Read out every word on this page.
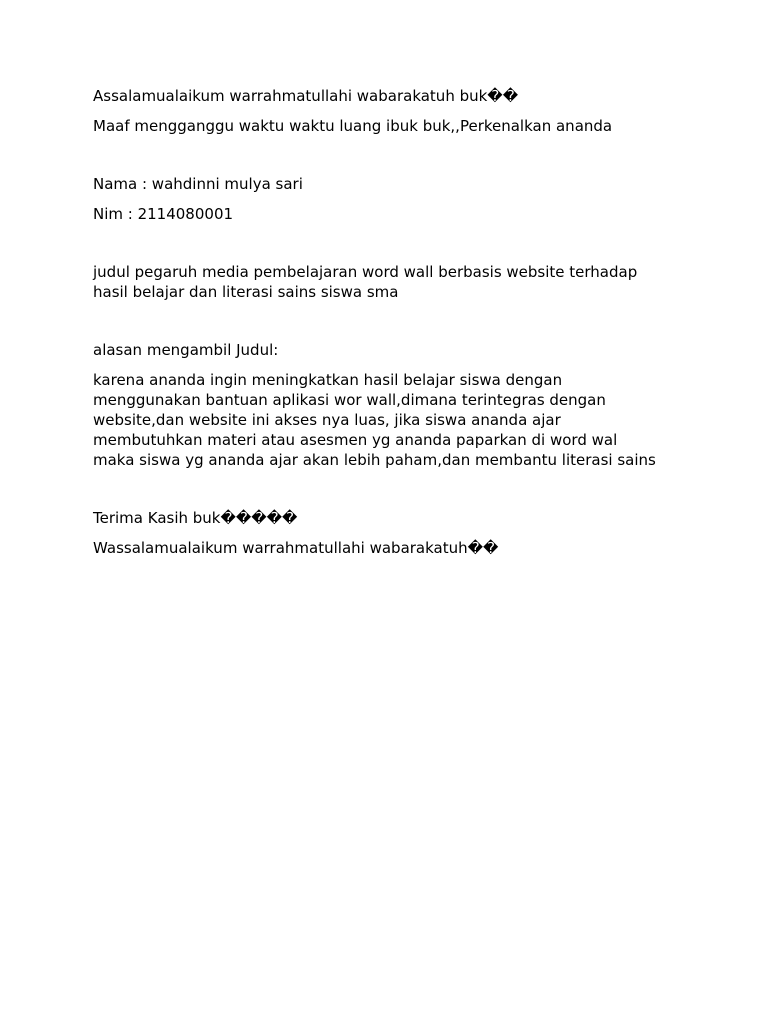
Assalamualaikum warrahmatullahi wabarakatuh buk��

Maaf mengganggu waktu waktu luang ibuk buk,,Perkenalkan ananda

Nama : wahdinni mulya sari

Nim : 2114080001

judul pegaruh media pembelajaran word wall berbasis website terhadap
hasil belajar dan literasi sains siswa sma

alasan mengambil Judul:

karena ananda ingin meningkatkan hasil belajar siswa dengan
menggunakan bantuan aplikasi wor wall,dimana terintegras dengan
website,dan website ini akses nya luas, jika siswa ananda ajar
membutuhkan materi atau asesmen yg ananda paparkan di word wal
maka siswa yg ananda ajar akan lebih paham,dan membantu literasi sains

Terima Kasih buk�����

Wassalamualaikum warrahmatullahi wabarakatuh��
